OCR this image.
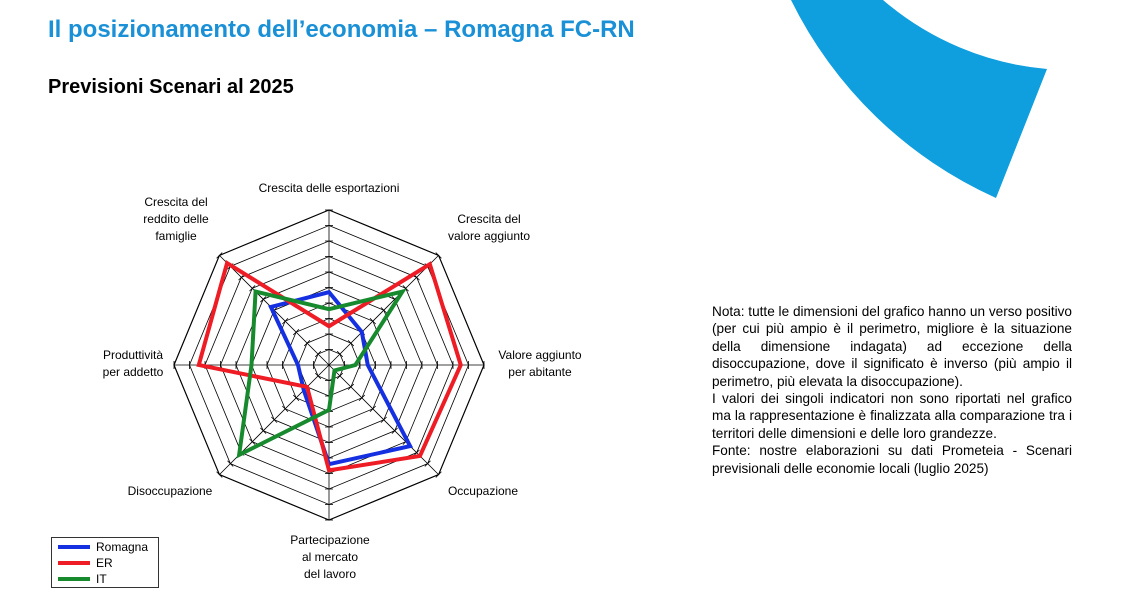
Il posizionamento dell’economia – Romagna FC-RN
Previsioni Scenari al 2025
Crescita delle esportazioni
Crescita del valore aggiunto
Valore aggiunto per abitante
Occupazione
Partecipazione al mercato del lavoro
Disoccupazione
Produttività per addetto
Crescita del reddito delle famiglie
Romagna
ER
IT

Nota: tutte le dimensioni del grafico hanno un verso positivo (per cui più ampio è il perimetro, migliore è la situazione della dimensione indagata) ad eccezione della disoccupazione, dove il significato è inverso (più ampio il perimetro, più elevata la disoccupazione).

I valori dei singoli indicatori non sono riportati nel grafico ma la rappresentazione è finalizzata alla comparazione tra i territori delle dimensioni e delle loro grandezze.

Fonte: nostre elaborazioni su dati Prometeia - Scenari previsionali delle economie locali (luglio 2025)
